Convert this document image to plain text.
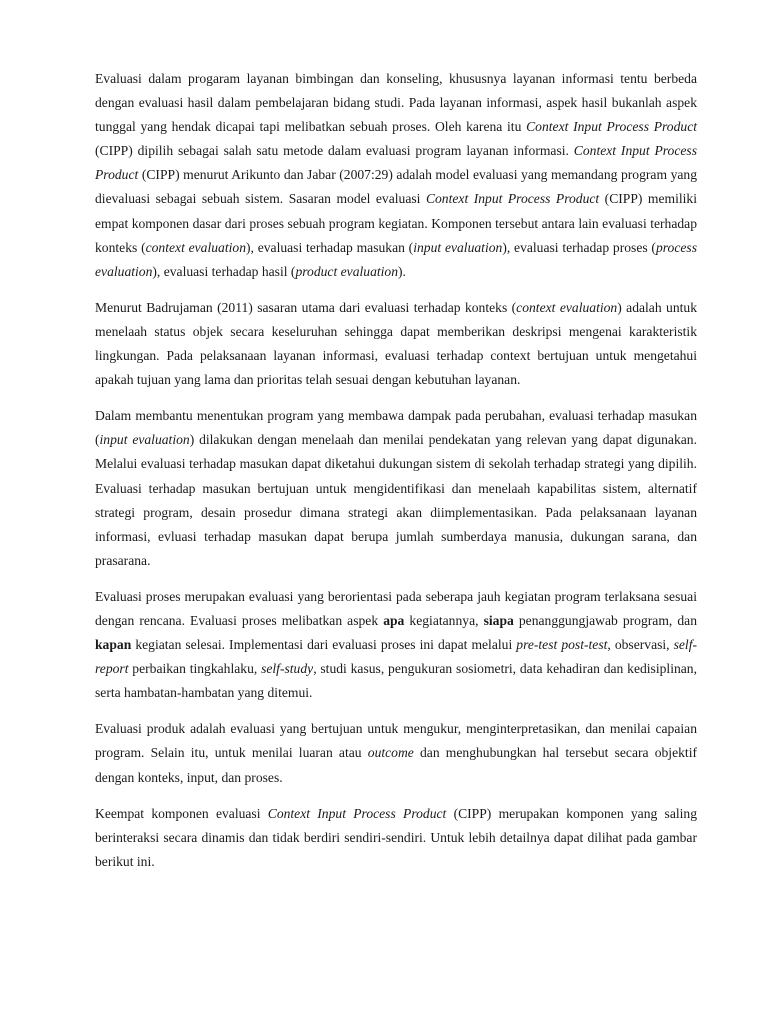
Evaluasi dalam progaram layanan bimbingan dan konseling, khususnya layanan informasi tentu berbeda dengan evaluasi hasil dalam pembelajaran bidang studi. Pada layanan informasi, aspek hasil bukanlah aspek tunggal yang hendak dicapai tapi melibatkan sebuah proses. Oleh karena itu Context Input Process Product (CIPP) dipilih sebagai salah satu metode dalam evaluasi program layanan informasi. Context Input Process Product (CIPP) menurut Arikunto dan Jabar (2007:29) adalah model evaluasi yang memandang program yang dievaluasi sebagai sebuah sistem. Sasaran model evaluasi Context Input Process Product (CIPP) memiliki empat komponen dasar dari proses sebuah program kegiatan. Komponen tersebut antara lain evaluasi terhadap konteks (context evaluation), evaluasi terhadap masukan (input evaluation), evaluasi terhadap proses (process evaluation), evaluasi terhadap hasil (product evaluation).

Menurut Badrujaman (2011) sasaran utama dari evaluasi terhadap konteks (context evaluation) adalah untuk menelaah status objek secara keseluruhan sehingga dapat memberikan deskripsi mengenai karakteristik lingkungan. Pada pelaksanaan layanan informasi, evaluasi terhadap context bertujuan untuk mengetahui apakah tujuan yang lama dan prioritas telah sesuai dengan kebutuhan layanan.

Dalam membantu menentukan program yang membawa dampak pada perubahan, evaluasi terhadap masukan (input evaluation) dilakukan dengan menelaah dan menilai pendekatan yang relevan yang dapat digunakan. Melalui evaluasi terhadap masukan dapat diketahui dukungan sistem di sekolah terhadap strategi yang dipilih. Evaluasi terhadap masukan bertujuan untuk mengidentifikasi dan menelaah kapabilitas sistem, alternatif strategi program, desain prosedur dimana strategi akan diimplementasikan. Pada pelaksanaan layanan informasi, evluasi terhadap masukan dapat berupa jumlah sumberdaya manusia, dukungan sarana, dan prasarana.

Evaluasi proses merupakan evaluasi yang berorientasi pada seberapa jauh kegiatan program terlaksana sesuai dengan rencana. Evaluasi proses melibatkan aspek apa kegiatannya, siapa penanggungjawab program, dan kapan kegiatan selesai. Implementasi dari evaluasi proses ini dapat melalui pre-test post-test, observasi, self-report perbaikan tingkahlaku, self-study, studi kasus, pengukuran sosiometri, data kehadiran dan kedisiplinan, serta hambatan-hambatan yang ditemui.

Evaluasi produk adalah evaluasi yang bertujuan untuk mengukur, menginterpretasikan, dan menilai capaian program. Selain itu, untuk menilai luaran atau outcome dan menghubungkan hal tersebut secara objektif dengan konteks, input, dan proses.

Keempat komponen evaluasi Context Input Process Product (CIPP) merupakan komponen yang saling berinteraksi secara dinamis dan tidak berdiri sendiri-sendiri. Untuk lebih detailnya dapat dilihat pada gambar berikut ini.
